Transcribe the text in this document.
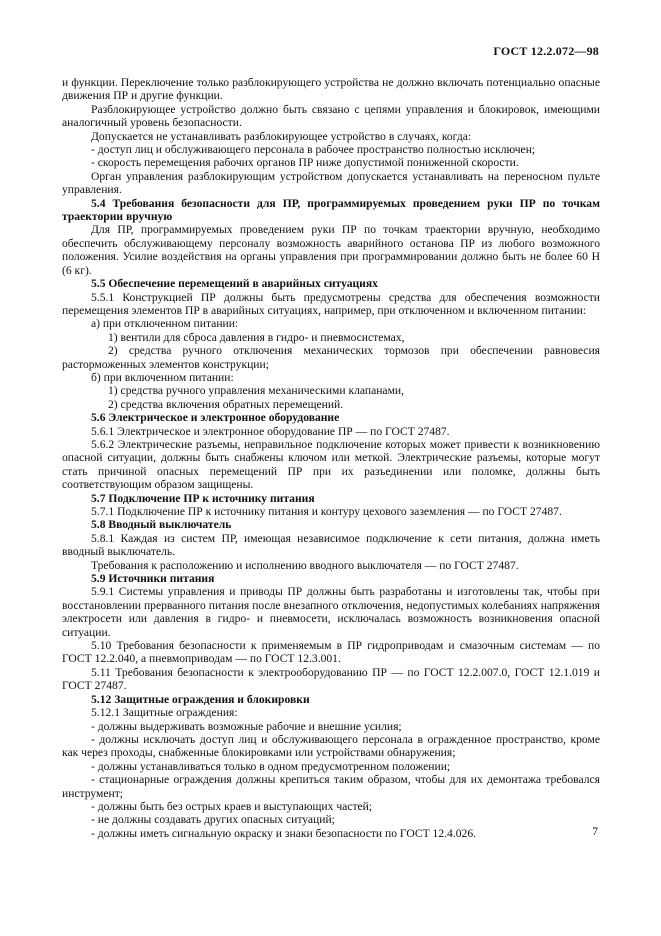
ГОСТ 12.2.072—98

и функции. Переключение только разблокирующего устройства не должно включать потенциально опасные движения ПР и другие функции.

Разблокирующее устройство должно быть связано с цепями управления и блокировок, имеющими аналогичный уровень безопасности.

Допускается не устанавливать разблокирующее устройство в случаях, когда:

- доступ лиц и обслуживающего персонала в рабочее пространство полностью исключен;

- скорость перемещения рабочих органов ПР ниже допустимой пониженной скорости.

Орган управления разблокирующим устройством допускается устанавливать на переносном пульте управления.

5.4 Требования безопасности для ПР, программируемых проведением руки ПР по точкам траектории вручную

Для ПР, программируемых проведением руки ПР по точкам траектории вручную, необходимо обеспечить обслуживающему персоналу возможность аварийного останова ПР из любого возможного положения. Усилие воздействия на органы управления при программировании должно быть не более 60 Н (6 кг).

5.5 Обеспечение перемещений в аварийных ситуациях

5.5.1 Конструкцией ПР должны быть предусмотрены средства для обеспечения возможности перемещения элементов ПР в аварийных ситуациях, например, при отключенном и включенном питании:

а) при отключенном питании:

1) вентили для сброса давления в гидро- и пневмосистемах,

2) средства ручного отключения механических тормозов при обеспечении равновесия расторможенных элементов конструкции;

б) при включенном питании:

1) средства ручного управления механическими клапанами,

2) средства включения обратных перемещений.

5.6 Электрическое и электронное оборудование

5.6.1 Электрическое и электронное оборудование ПР — по ГОСТ 27487.

5.6.2 Электрические разъемы, неправильное подключение которых может привести к возникновению опасной ситуации, должны быть снабжены ключом или меткой. Электрические разъемы, которые могут стать причиной опасных перемещений ПР при их разъединении или поломке, должны быть соответствующим образом защищены.

5.7 Подключение ПР к источнику питания

5.7.1 Подключение ПР к источнику питания и контуру цехового заземления — по ГОСТ 27487.

5.8 Вводный выключатель

5.8.1 Каждая из систем ПР, имеющая независимое подключение к сети питания, должна иметь вводный выключатель.

Требования к расположению и исполнению вводного выключателя — по ГОСТ 27487.

5.9 Источники питания

5.9.1 Системы управления и приводы ПР должны быть разработаны и изготовлены так, чтобы при восстановлении прерванного питания после внезапного отключения, недопустимых колебаниях напряжения электросети или давления в гидро- и пневмосети, исключалась возможность возникновения опасной ситуации.

5.10 Требования безопасности к применяемым в ПР гидроприводам и смазочным системам — по ГОСТ 12.2.040, а пневмоприводам — по ГОСТ 12.3.001.

5.11 Требования безопасности к электрооборудованию ПР — по ГОСТ 12.2.007.0, ГОСТ 12.1.019 и ГОСТ 27487.

5.12 Защитные ограждения и блокировки

5.12.1 Защитные ограждения:

- должны выдерживать возможные рабочие и внешние усилия;

- должны исключать доступ лиц и обслуживающего персонала в огражденное пространство, кроме как через проходы, снабженные блокировками или устройствами обнаружения;

- должны устанавливаться только в одном предусмотренном положении;

- стационарные ограждения должны крепиться таким образом, чтобы для их демонтажа требовался инструмент;

- должны быть без острых краев и выступающих частей;

- не должны создавать других опасных ситуаций;

- должны иметь сигнальную окраску и знаки безопасности по ГОСТ 12.4.026.	7
